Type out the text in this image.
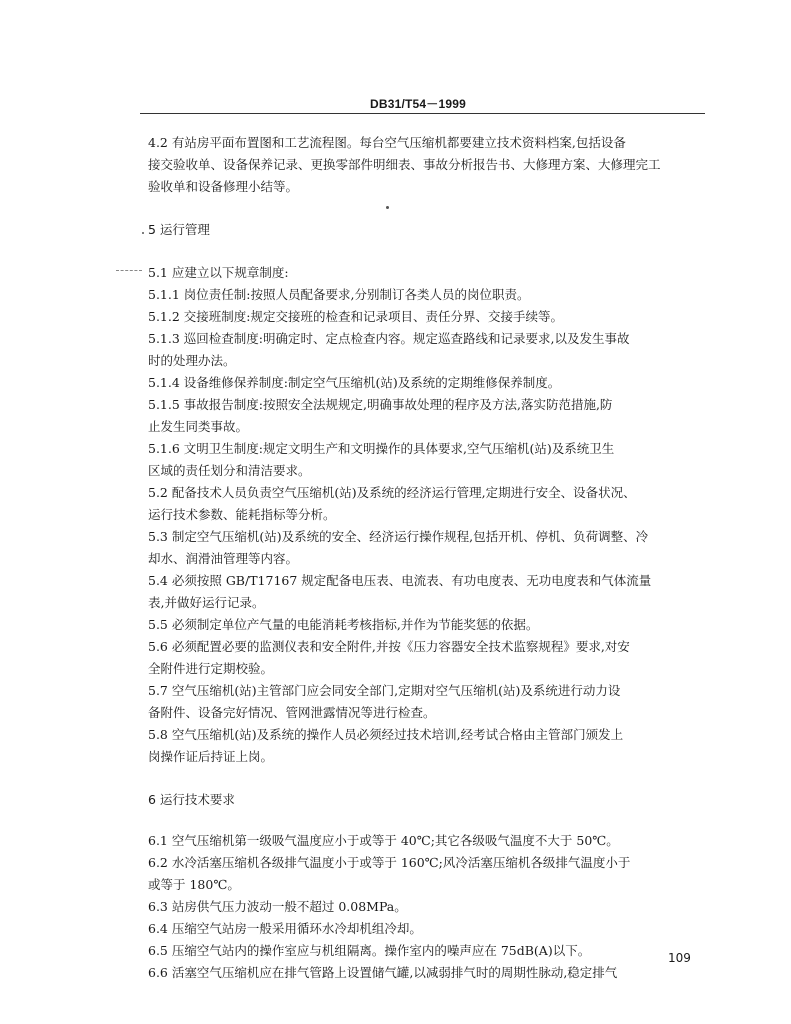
DB31/T54－1999
4.2 有站房平面布置图和工艺流程图。每台空气压缩机都要建立技术资料档案,包括设备
接交验收单、设备保养记录、更换零部件明细表、事故分析报告书、大修理方案、大修理完工
验收单和设备修理小结等。
5 运行管理
5.1 应建立以下规章制度:
5.1.1 岗位责任制:按照人员配备要求,分别制订各类人员的岗位职责。
5.1.2 交接班制度:规定交接班的检查和记录项目、责任分界、交接手续等。
5.1.3 巡回检查制度:明确定时、定点检查内容。规定巡查路线和记录要求,以及发生事故
时的处理办法。
5.1.4 设备维修保养制度:制定空气压缩机(站)及系统的定期维修保养制度。
5.1.5 事故报告制度:按照安全法规规定,明确事故处理的程序及方法,落实防范措施,防
止发生同类事故。
5.1.6 文明卫生制度:规定文明生产和文明操作的具体要求,空气压缩机(站)及系统卫生
区域的责任划分和清洁要求。
5.2 配备技术人员负责空气压缩机(站)及系统的经济运行管理,定期进行安全、设备状况、
运行技术参数、能耗指标等分析。
5.3 制定空气压缩机(站)及系统的安全、经济运行操作规程,包括开机、停机、负荷调整、冷
却水、润滑油管理等内容。
5.4 必须按照 GB/T17167 规定配备电压表、电流表、有功电度表、无功电度表和气体流量
表,并做好运行记录。
5.5 必须制定单位产气量的电能消耗考核指标,并作为节能奖惩的依据。
5.6 必须配置必要的监测仪表和安全附件,并按《压力容器安全技术监察规程》要求,对安
全附件进行定期校验。
5.7 空气压缩机(站)主管部门应会同安全部门,定期对空气压缩机(站)及系统进行动力设
备附件、设备完好情况、管网泄露情况等进行检查。
5.8 空气压缩机(站)及系统的操作人员必须经过技术培训,经考试合格由主管部门颁发上
岗操作证后持证上岗。
6 运行技术要求
6.1 空气压缩机第一级吸气温度应小于或等于 40℃;其它各级吸气温度不大于 50℃。
6.2 水冷活塞压缩机各级排气温度小于或等于 160℃;风冷活塞压缩机各级排气温度小于
或等于 180℃。
6.3 站房供气压力波动一般不超过 0.08MPa。
6.4 压缩空气站房一般采用循环水冷却机组冷却。
6.5 压缩空气站内的操作室应与机组隔离。操作室内的噪声应在 75dB(A)以下。
6.6 活塞空气压缩机应在排气管路上设置储气罐,以减弱排气时的周期性脉动,稳定排气
109
